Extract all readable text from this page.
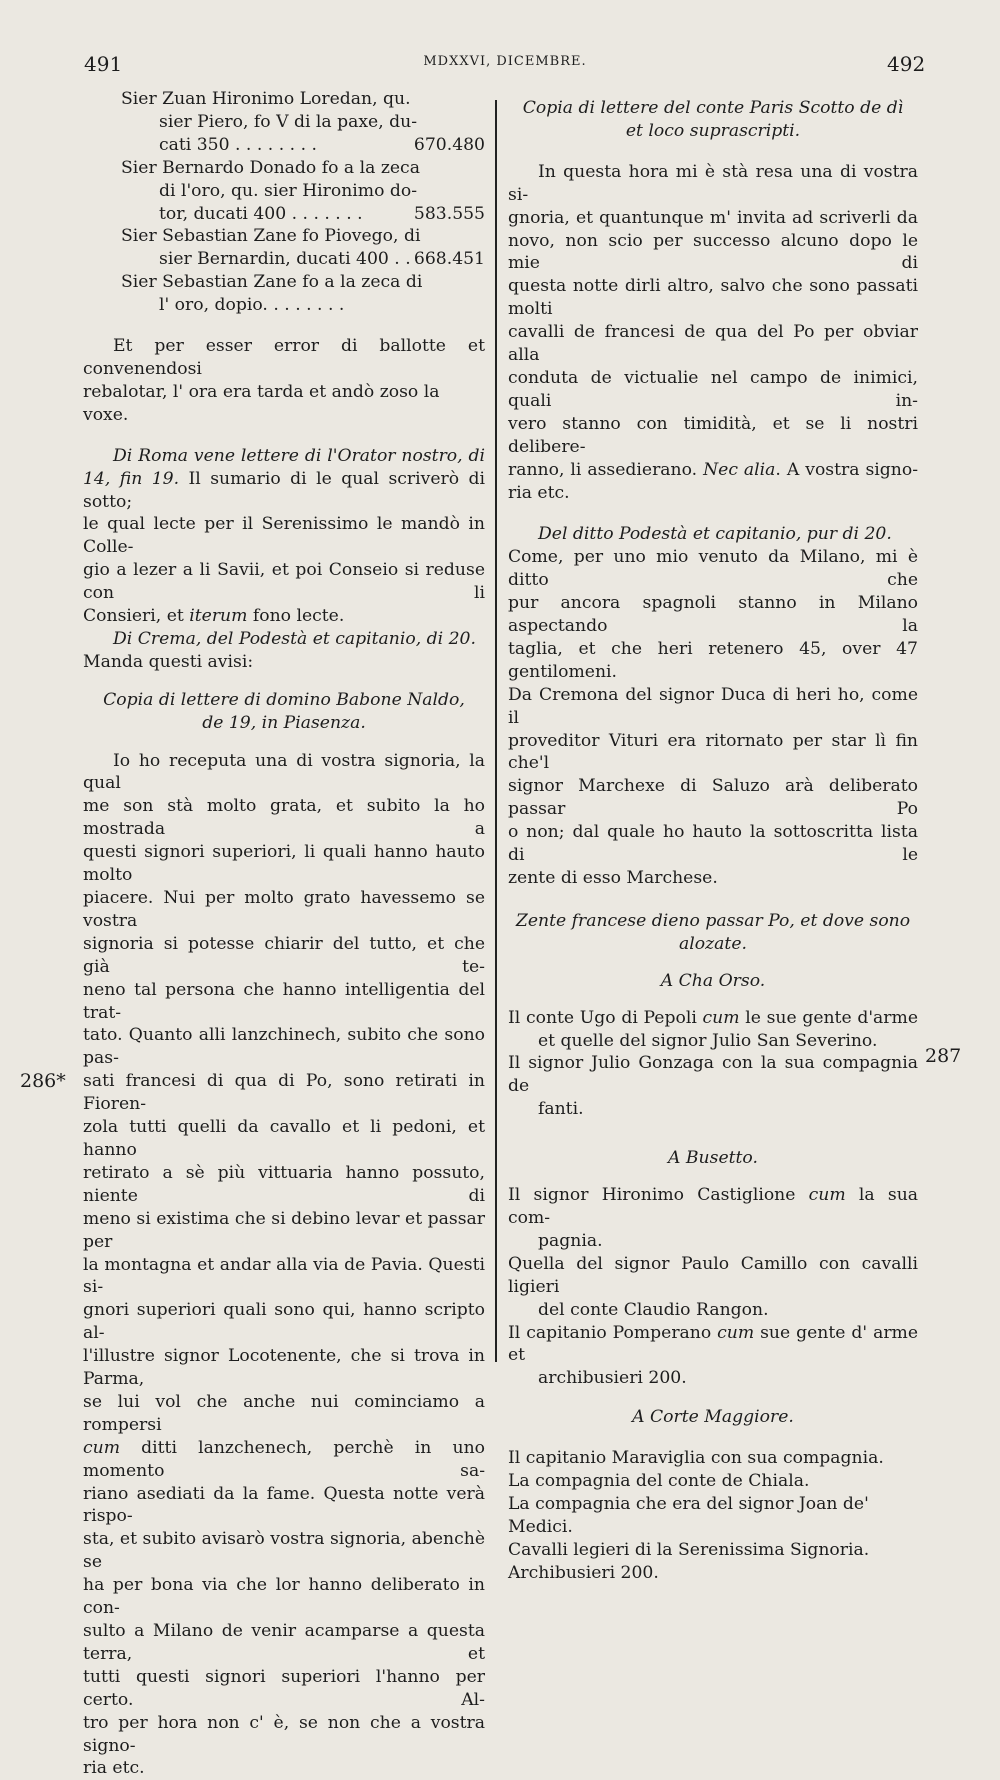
491	MDXXVI, DICEMBRE.	492
286*
287

Sier Zuan Hironimo Loredan, qu.

sier Piero, fo V di la paxe, du-

cati 350 . . . . . . . .	670.480

Sier Bernardo Donado fo a la zeca

di l'oro, qu. sier Hironimo do-

tor, ducati 400 . . . . . . .	583.555

Sier Sebastian Zane fo Piovego, di

sier Bernardin, ducati 400 . . 668.451

Sier Sebastian Zane fo a la zeca di

l' oro, dopio. . . . . . . .

Et per esser error di ballotte et convenendosi

rebalotar, l' ora era tarda et andò zoso la voxe.

Di Roma vene lettere di l'Orator nostro, di

14, fin 19. Il sumario di le qual scriverò di sotto;

le qual lecte per il Serenissimo le mandò in Colle-

gio a lezer a li Savii, et poi Conseio si reduse con li

Consieri, et iterum fono lecte.

Di Crema, del Podestà et capitanio, di 20.

Manda questi avisi:

Copia di lettere di domino Babone Naldo,

de 19, in Piasenza.

Io ho receputa una di vostra signoria, la qual

me son stà molto grata, et subito la ho mostrada a

questi signori superiori, li quali hanno hauto molto

piacere. Nui per molto grato havessemo se vostra

signoria si potesse chiarir del tutto, et che già te-

neno tal persona che hanno intelligentia del trat-

tato. Quanto alli lanzchinech, subito che sono pas-

sati francesi di qua di Po, sono retirati in Fioren-

zola tutti quelli da cavallo et li pedoni, et hanno

retirato a sè più vittuaria hanno possuto, niente di

meno si existima che si debino levar et passar per

la montagna et andar alla via de Pavia. Questi si-

gnori superiori quali sono qui, hanno scripto al-

l'illustre signor Locotenente, che si trova in Parma,

se lui vol che anche nui cominciamo a rompersi

cum ditti lanzchenech, perchè in uno momento sa-

riano asediati da la fame. Questa notte verà rispo-

sta, et subito avisarò vostra signoria, abenchè se

ha per bona via che lor hanno deliberato in con-

sulto a Milano de venir acamparse a questa terra, et

tutti questi signori superiori l'hanno per certo. Al-

tro per hora non c' è, se non che a vostra signo-

ria etc.

Copia di lettere del conte Paris Scotto de dì

et loco suprascripti.

In questa hora mi è stà resa una di vostra si-

gnoria, et quantunque m' invita ad scriverli da

novo, non scio per successo alcuno dopo le mie di

questa notte dirli altro, salvo che sono passati molti

cavalli de francesi de qua del Po per obviar alla

conduta de victualie nel campo de inimici, quali in-

vero stanno con timidità, et se li nostri delibere-

ranno, li assedierano. Nec alia. A vostra signo-

ria etc.

Del ditto Podestà et capitanio, pur di 20.

Come, per uno mio venuto da Milano, mi è ditto che

pur ancora spagnoli stanno in Milano aspectando la

taglia, et che heri retenero 45, over 47 gentilomeni.

Da Cremona del signor Duca di heri ho, come il

proveditor Vituri era ritornato per star lì fin che'l

signor Marchexe di Saluzo arà deliberato passar Po

o non; dal quale ho hauto la sottoscritta lista di le

zente di esso Marchese.

Zente francese dieno passar Po, et dove sono

alozate.

A Cha Orso.

Il conte Ugo di Pepoli cum le sue gente d'arme

et quelle del signor Julio San Severino.

Il signor Julio Gonzaga con la sua compagnia de

fanti.

A Busetto.

Il signor Hironimo Castiglione cum la sua com-

pagnia.

Quella del signor Paulo Camillo con cavalli ligieri

del conte Claudio Rangon.

Il capitanio Pomperano cum sue gente d' arme et

archibusieri 200.

A Corte Maggiore.

Il capitanio Maraviglia con sua compagnia.

La compagnia del conte de Chiala.

La compagnia che era del signor Joan de' Medici.

Cavalli legieri di la Serenissima Signoria.

Archibusieri 200.
